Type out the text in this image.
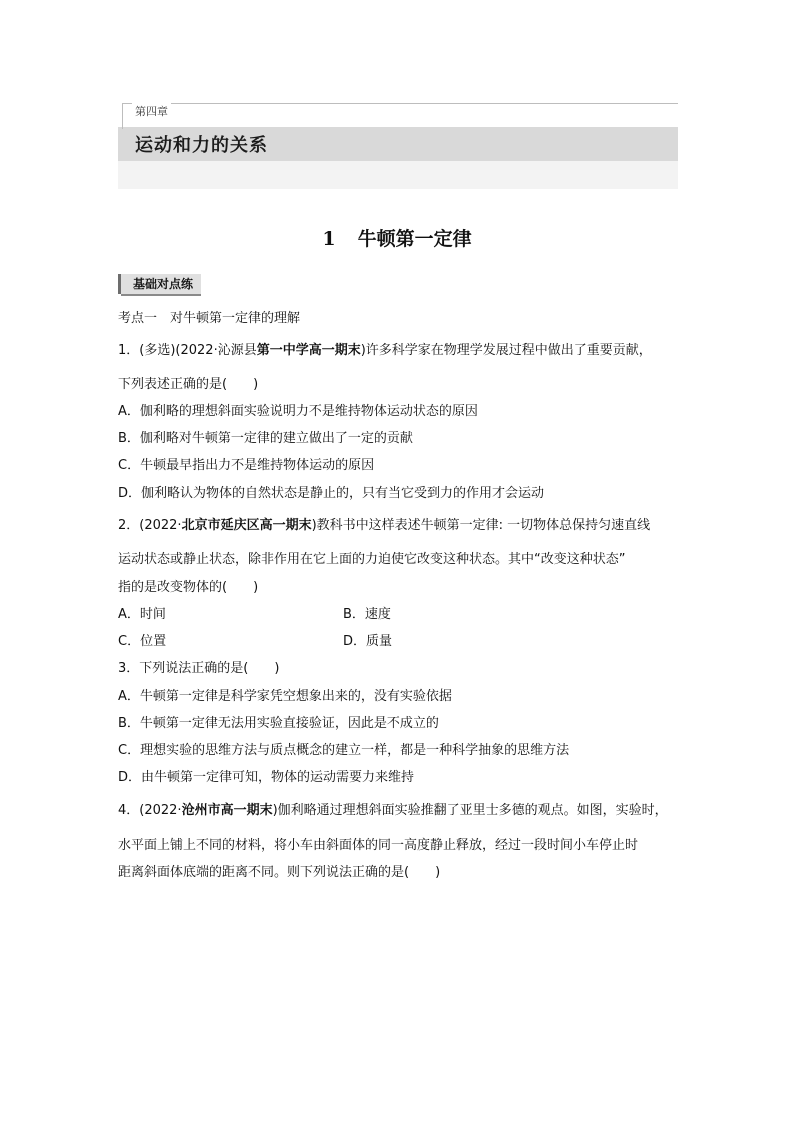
第四章
运动和力的关系
1 牛顿第一定律
基础对点练
考点一　对牛顿第一定律的理解
1．(多选)(2022·沁源县第一中学高一期末)许多科学家在物理学发展过程中做出了重要贡献，
下列表述正确的是(　　)
A．伽利略的理想斜面实验说明力不是维持物体运动状态的原因
B．伽利略对牛顿第一定律的建立做出了一定的贡献
C．牛顿最早指出力不是维持物体运动的原因
D．伽利略认为物体的自然状态是静止的，只有当它受到力的作用才会运动
2．(2022·北京市延庆区高一期末)教科书中这样表述牛顿第一定律: 一切物体总保持匀速直线
运动状态或静止状态，除非作用在它上面的力迫使它改变这种状态。其中“改变这种状态”
指的是改变物体的(　　)
A．时间	B．速度
C．位置	D．质量
3．下列说法正确的是(　　)
A．牛顿第一定律是科学家凭空想象出来的，没有实验依据
B．牛顿第一定律无法用实验直接验证，因此是不成立的
C．理想实验的思维方法与质点概念的建立一样，都是一种科学抽象的思维方法
D．由牛顿第一定律可知，物体的运动需要力来维持
4．(2022·沧州市高一期末)伽利略通过理想斜面实验推翻了亚里士多德的观点。如图，实验时，
水平面上铺上不同的材料，将小车由斜面体的同一高度静止释放，经过一段时间小车停止时
距离斜面体底端的距离不同。则下列说法正确的是(　　)
